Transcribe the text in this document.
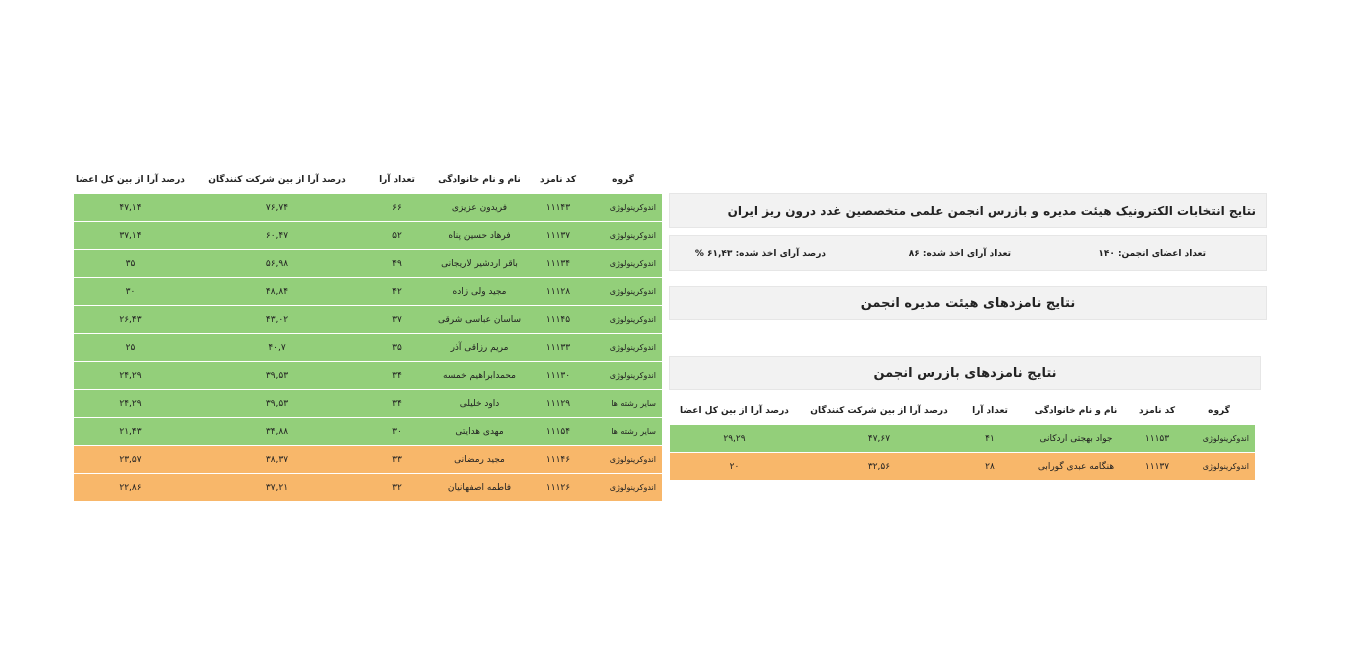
گروه	کد نامزد	نام و نام خانوادگی	تعداد آرا	درصد آرا از بین شرکت کنندگان	درصد آرا از بین کل اعضا
اندوکرینولوژی	۱۱۱۴۳	فریدون عزیزی	۶۶	۷۶,۷۴	۴۷,۱۴
اندوکرینولوژی	۱۱۱۳۷	فرهاد حسین پناه	۵۲	۶۰,۴۷	۳۷,۱۴
اندوکرینولوژی	۱۱۱۳۴	باقر اردشیر لاریجانی	۴۹	۵۶,۹۸	۳۵
اندوکرینولوژی	۱۱۱۲۸	مجید ولی زاده	۴۲	۴۸,۸۴	۳۰
اندوکرینولوژی	۱۱۱۴۵	ساسان عباسی شرقی	۳۷	۴۳,۰۲	۲۶,۴۳
اندوکرینولوژی	۱۱۱۳۳	مریم رزاقی آذر	۳۵	۴۰,۷	۲۵
اندوکرینولوژی	۱۱۱۳۰	محمدابراهیم خمسه	۳۴	۳۹,۵۳	۲۴,۲۹
سایر رشته ها	۱۱۱۲۹	داود خلیلی	۳۴	۳۹,۵۳	۲۴,۲۹
سایر رشته ها	۱۱۱۵۴	مهدی هدایتی	۳۰	۳۴,۸۸	۲۱,۴۳
اندوکرینولوژی	۱۱۱۴۶	مجید رمضانی	۳۳	۳۸,۳۷	۲۳,۵۷
اندوکرینولوژی	۱۱۱۲۶	فاطمه اصفهانیان	۳۲	۳۷,۲۱	۲۲,۸۶
نتایج انتخابات الکترونیک هیئت مدیره و بازرس انجمن علمی متخصصین غدد درون ریز ایران
تعداد اعضای انجمن: ۱۴۰
تعداد آرای اخذ شده: ۸۶
درصد آرای اخذ شده: ۶۱,۴۳ %
نتایج نامزدهای هیئت مدیره انجمن
نتایج نامزدهای بازرس انجمن
گروه	کد نامزد	نام و نام خانوادگی	تعداد آرا	درصد آرا از بین شرکت کنندگان	درصد آرا از بین کل اعضا
اندوکرینولوژی	۱۱۱۵۳	جواد بهجتی اردکانی	۴۱	۴۷,۶۷	۲۹,۲۹
اندوکرینولوژی	۱۱۱۳۷	هنگامه عبدی گورابی	۲۸	۳۲,۵۶	۲۰
